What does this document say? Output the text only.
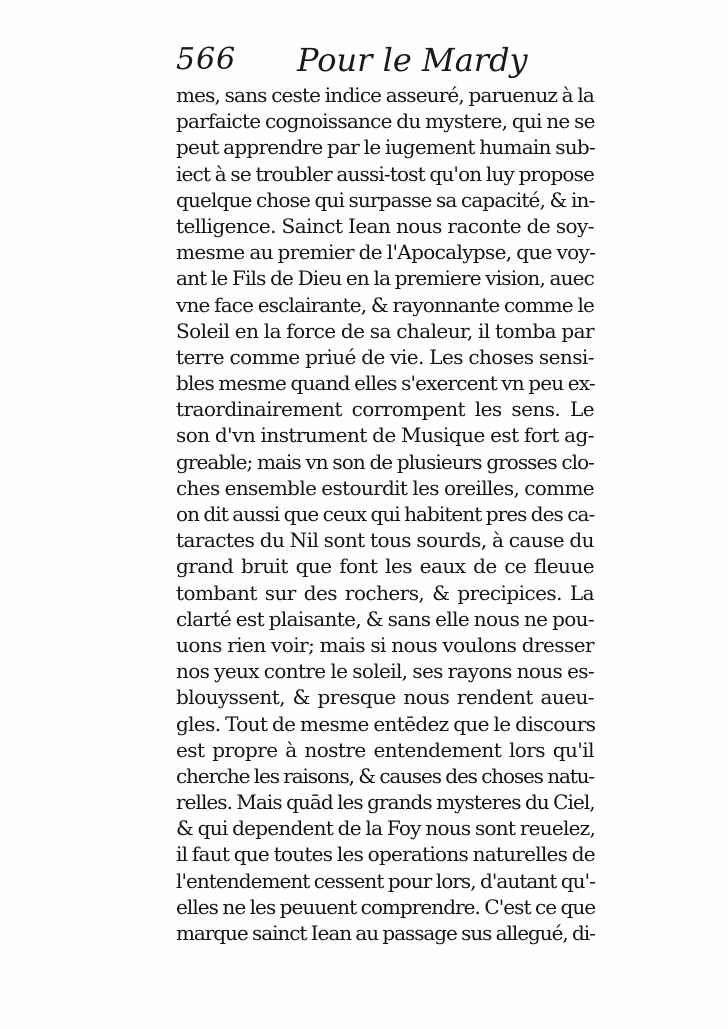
566 Pour le Mardy
mes, sans ceste indice asseuré, paruenuz à la
parfaicte cognoissance du mystere, qui ne se
peut apprendre par le iugement humain sub-
iect à se troubler aussi-tost qu'on luy propose
quelque chose qui surpasse sa capacité, & in-
telligence. Sainct Iean nous raconte de soy-
mesme au premier de l'Apocalypse, que voy-
ant le Fils de Dieu en la premiere vision, auec
vne face esclairante, & rayonnante comme le
Soleil en la force de sa chaleur, il tomba par
terre comme priué de vie. Les choses sensi-
bles mesme quand elles s'exercent vn peu ex-
traordinairement corrompent les sens. Le
son d'vn instrument de Musique est fort ag-
greable; mais vn son de plusieurs grosses clo-
ches ensemble estourdit les oreilles, comme
on dit aussi que ceux qui habitent pres des ca-
taractes du Nil sont tous sourds, à cause du
grand bruit que font les eaux de ce fleuue
tombant sur des rochers, & precipices. La
clarté est plaisante, & sans elle nous ne pou-
uons rien voir; mais si nous voulons dresser
nos yeux contre le soleil, ses rayons nous es-
blouyssent, & presque nous rendent aueu-
gles. Tout de mesme entēdez que le discours
est propre à nostre entendement lors qu'il
cherche les raisons, & causes des choses natu-
relles. Mais quād les grands mysteres du Ciel,
& qui dependent de la Foy nous sont reuelez,
il faut que toutes les operations naturelles de
l'entendement cessent pour lors, d'autant qu'-
elles ne les peuuent comprendre. C'est ce que
marque sainct Iean au passage sus allegué, di-
